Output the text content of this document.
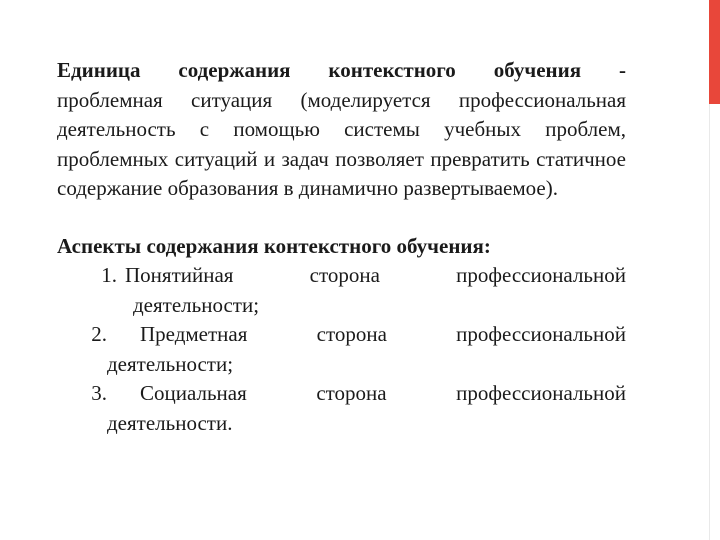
Единица содержания контекстного обучения - проблемная ситуация (моделируется профессиональная деятельность с помощью системы учебных проблем, проблемных ситуаций и задач позволяет превратить статичное содержание образования в динамично развертываемое).

Аспекты содержания контекстного обучения:

1. Понятийная	сторона	профессиональной
деятельности;
2. Предметная	сторона	профессиональной
деятельности;
3. Социальная	сторона	профессиональной
деятельности.
